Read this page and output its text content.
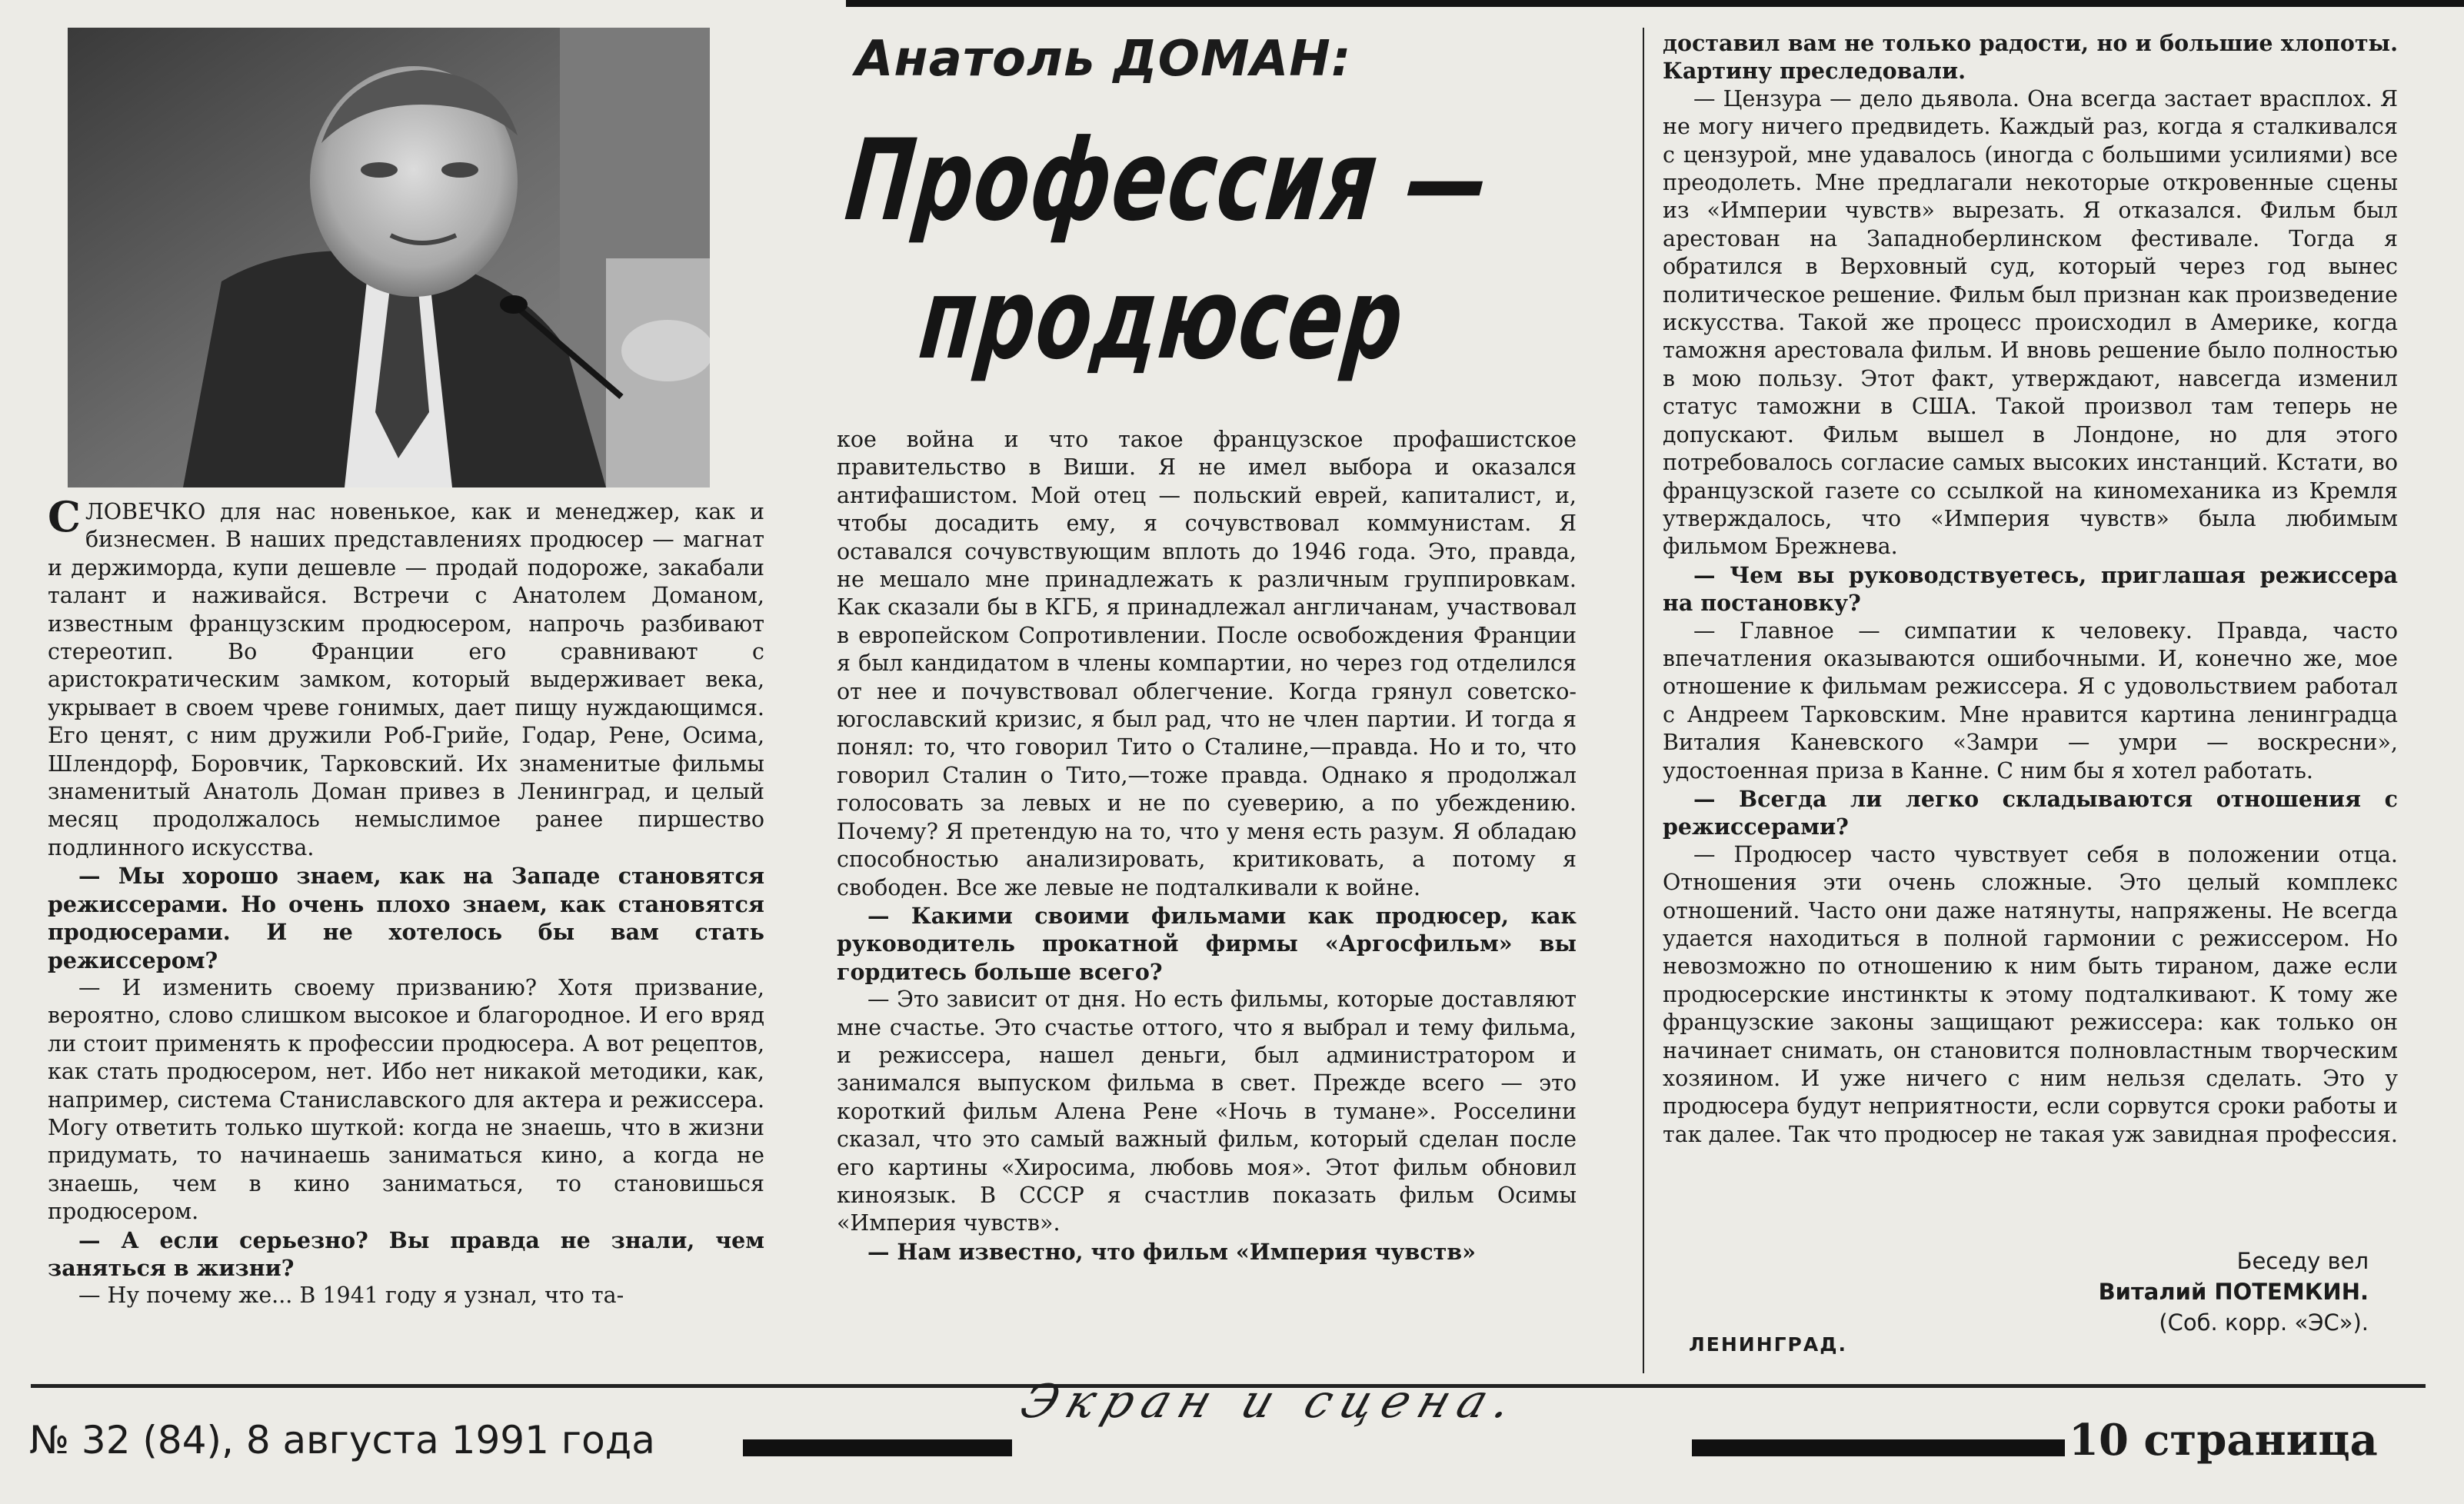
Анатоль ДОМАН:
Профессия —
продюсер

СЛОВЕЧКО для нас новенькое, как и менеджер, как и бизнесмен. В наших представлениях продюсер — магнат и держиморда, купи дешевле — продай подороже, закабали талант и наживайся. Встречи с Анатолем Доманом, известным французским продюсером, напрочь разбивают стереотип. Во Франции его сравнивают с аристократическим замком, который выдерживает века, укрывает в своем чреве гонимых, дает пищу нуждающимся. Его ценят, с ним дружили Роб-Грийе, Годар, Рене, Осима, Шлендорф, Боровчик, Тарковский. Их знаменитые фильмы знаменитый Анатоль Доман привез в Ленинград, и целый месяц продолжалось немыслимое ранее пиршество подлинного искусства.

— Мы хорошо знаем, как на Западе становятся режиссерами. Но очень плохо знаем, как становятся продюсерами. И не хотелось бы вам стать режиссером?

— И изменить своему призванию? Хотя призвание, вероятно, слово слишком высокое и благородное. И его вряд ли стоит применять к профессии продюсера. А вот рецептов, как стать продюсером, нет. Ибо нет никакой методики, как, например, система Станиславского для актера и режиссера. Могу ответить только шуткой: когда не знаешь, что в жизни придумать, то начинаешь заниматься кино, а когда не знаешь, чем в кино заниматься, то становишься продюсером.

— А если серьезно? Вы правда не знали, чем заняться в жизни?

— Ну почему же... В 1941 году я узнал, что та-

кое война и что такое французское профашистское правительство в Виши. Я не имел выбора и оказался антифашистом. Мой отец — польский еврей, капиталист, и, чтобы досадить ему, я сочувствовал коммунистам. Я оставался сочувствующим вплоть до 1946 года. Это, правда, не мешало мне принадлежать к различным группировкам. Как сказали бы в КГБ, я принадлежал англичанам, участвовал в европейском Сопротивлении. После освобождения Франции я был кандидатом в члены компартии, но через год отделился от нее и почувствовал облегчение. Когда грянул советско-югославский кризис, я был рад, что не член партии. И тогда я понял: то, что говорил Тито о Сталине,—правда. Но и то, что говорил Сталин о Тито,—тоже правда. Однако я продолжал голосовать за левых и не по суеверию, а по убеждению. Почему? Я претендую на то, что у меня есть разум. Я обладаю способностью анализировать, критиковать, а потому я свободен. Все же левые не подталкивали к войне.

— Какими своими фильмами как продюсер, как руководитель прокатной фирмы «Аргосфильм» вы гордитесь больше всего?

— Это зависит от дня. Но есть фильмы, которые доставляют мне счастье. Это счастье оттого, что я выбрал и тему фильма, и режиссера, нашел деньги, был администратором и занимался выпуском фильма в свет. Прежде всего — это короткий фильм Алена Рене «Ночь в тумане». Росселини сказал, что это самый важный фильм, который сделан после его картины «Хиросима, любовь моя». Этот фильм обновил киноязык. В СССР я счастлив показать фильм Осимы «Империя чувств».

— Нам известно, что фильм «Империя чувств»

доставил вам не только радости, но и большие хлопоты. Картину преследовали.

— Цензура — дело дьявола. Она всегда застает врасплох. Я не могу ничего предвидеть. Каждый раз, когда я сталкивался с цензурой, мне удавалось (иногда с большими усилиями) все преодолеть. Мне предлагали некоторые откровенные сцены из «Империи чувств» вырезать. Я отказался. Фильм был арестован на Западноберлинском фестивале. Тогда я обратился в Верховный суд, который через год вынес политическое решение. Фильм был признан как произведение искусства. Такой же процесс происходил в Америке, когда таможня арестовала фильм. И вновь решение было полностью в мою пользу. Этот факт, утверждают, навсегда изменил статус таможни в США. Такой произвол там теперь не допускают. Фильм вышел в Лондоне, но для этого потребовалось согласие самых высоких инстанций. Кстати, во французской газете со ссылкой на киномеханика из Кремля утверждалось, что «Империя чувств» была любимым фильмом Брежнева.

— Чем вы руководствуетесь, приглашая режиссера на постановку?

— Главное — симпатии к человеку. Правда, часто впечатления оказываются ошибочными. И, конечно же, мое отношение к фильмам режиссера. Я с удовольствием работал с Андреем Тарковским. Мне нравится картина ленинградца Виталия Каневского «Замри — умри — воскресни», удостоенная приза в Канне. С ним бы я хотел работать.

— Всегда ли легко складываются отношения с режиссерами?

— Продюсер часто чувствует себя в положении отца. Отношения эти очень сложные. Это целый комплекс отношений. Часто они даже натянуты, напряжены. Не всегда удается находиться в полной гармонии с режиссером. Но невозможно по отношению к ним быть тираном, даже если продюсерские инстинкты к этому подталкивают. К тому же французские законы защищают режиссера: как только он начинает снимать, он становится полновластным творческим хозяином. И уже ничего с ним нельзя сделать. Это у продюсера будут неприятности, если сорвутся сроки работы и так далее. Так что продюсер не такая уж завидная профессия.

Беседу вел
Виталий ПОТЕМКИН.
(Соб. корр. «ЭС»).
ЛЕНИНГРАД.
№ 32 (84), 8 августа 1991 года
Экран и сцена.
10 страница
